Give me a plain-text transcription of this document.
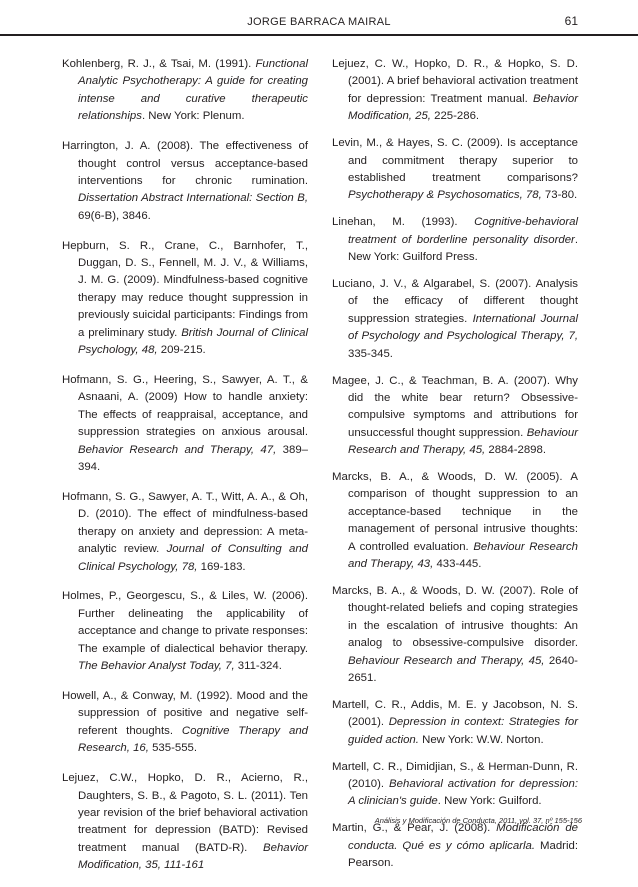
JORGE BARRACA MAIRAL	61

Kohlenberg, R. J., & Tsai, M. (1991). Functional Analytic Psychotherapy: A guide for creating intense and curative therapeutic relationships. New York: Plenum.

Harrington, J. A. (2008). The effectiveness of thought control versus acceptance-based interventions for chronic rumination. Dissertation Abstract International: Section B, 69(6-B), 3846.

Hepburn, S. R., Crane, C., Barnhofer, T., Duggan, D. S., Fennell, M. J. V., & Williams, J. M. G. (2009). Mindfulness-based cognitive therapy may reduce thought suppression in previously suicidal participants: Findings from a preliminary study. British Journal of Clinical Psychology, 48, 209-215.

Hofmann, S. G., Heering, S., Sawyer, A. T., & Asnaani, A. (2009) How to handle anxiety: The effects of reappraisal, acceptance, and suppression strategies on anxious arousal. Behavior Research and Therapy, 47, 389–394.

Hofmann, S. G., Sawyer, A. T., Witt, A. A., & Oh, D. (2010). The effect of mindfulness-based therapy on anxiety and depression: A meta-analytic review. Journal of Consulting and Clinical Psychology, 78, 169-183.

Holmes, P., Georgescu, S., & Liles, W. (2006). Further delineating the applicability of acceptance and change to private responses: The example of dialectical behavior therapy. The Behavior Analyst Today, 7, 311-324.

Howell, A., & Conway, M. (1992). Mood and the suppression of positive and negative self-referent thoughts. Cognitive Therapy and Research, 16, 535-555.

Lejuez, C.W., Hopko, D. R., Acierno, R., Daughters, S. B., & Pagoto, S. L. (2011). Ten year revision of the brief behavioral activation treatment for depression (BATD): Revised treatment manual (BATD-R). Behavior Modification, 35, 111-161

Lejuez, C. W., Hopko, D. R., & Hopko, S. D. (2001). A brief behavioral activation treatment for depression: Treatment manual. Behavior Modification, 25, 225-286.

Levin, M., & Hayes, S. C. (2009). Is acceptance and commitment therapy superior to established treatment comparisons? Psychotherapy & Psychosomatics, 78, 73-80.

Linehan, M. (1993). Cognitive-behavioral treatment of borderline personality disorder. New York: Guilford Press.

Luciano, J. V., & Algarabel, S. (2007). Analysis of the efficacy of different thought suppression strategies. International Journal of Psychology and Psychological Therapy, 7, 335-345.

Magee, J. C., & Teachman, B. A. (2007). Why did the white bear return? Obsessive-compulsive symptoms and attributions for unsuccessful thought suppression. Behaviour Research and Therapy, 45, 2884-2898.

Marcks, B. A., & Woods, D. W. (2005). A comparison of thought suppression to an acceptance-based technique in the management of personal intrusive thoughts: A controlled evaluation. Behaviour Research and Therapy, 43, 433-445.

Marcks, B. A., & Woods, D. W. (2007). Role of thought-related beliefs and coping strategies in the escalation of intrusive thoughts: An analog to obsessive-compulsive disorder. Behaviour Research and Therapy, 45, 2640-2651.

Martell, C. R., Addis, M. E. y Jacobson, N. S. (2001). Depression in context: Strategies for guided action. New York: W.W. Norton.

Martell, C. R., Dimidjian, S., & Herman-Dunn, R. (2010). Behavioral activation for depression: A clinician's guide. New York: Guilford.

Martin, G., & Pear, J. (2008). Modificación de conducta. Qué es y cómo aplicarla. Madrid: Pearson.

Análisis y Modificación de Conducta, 2011, vol. 37, nº 155-156
